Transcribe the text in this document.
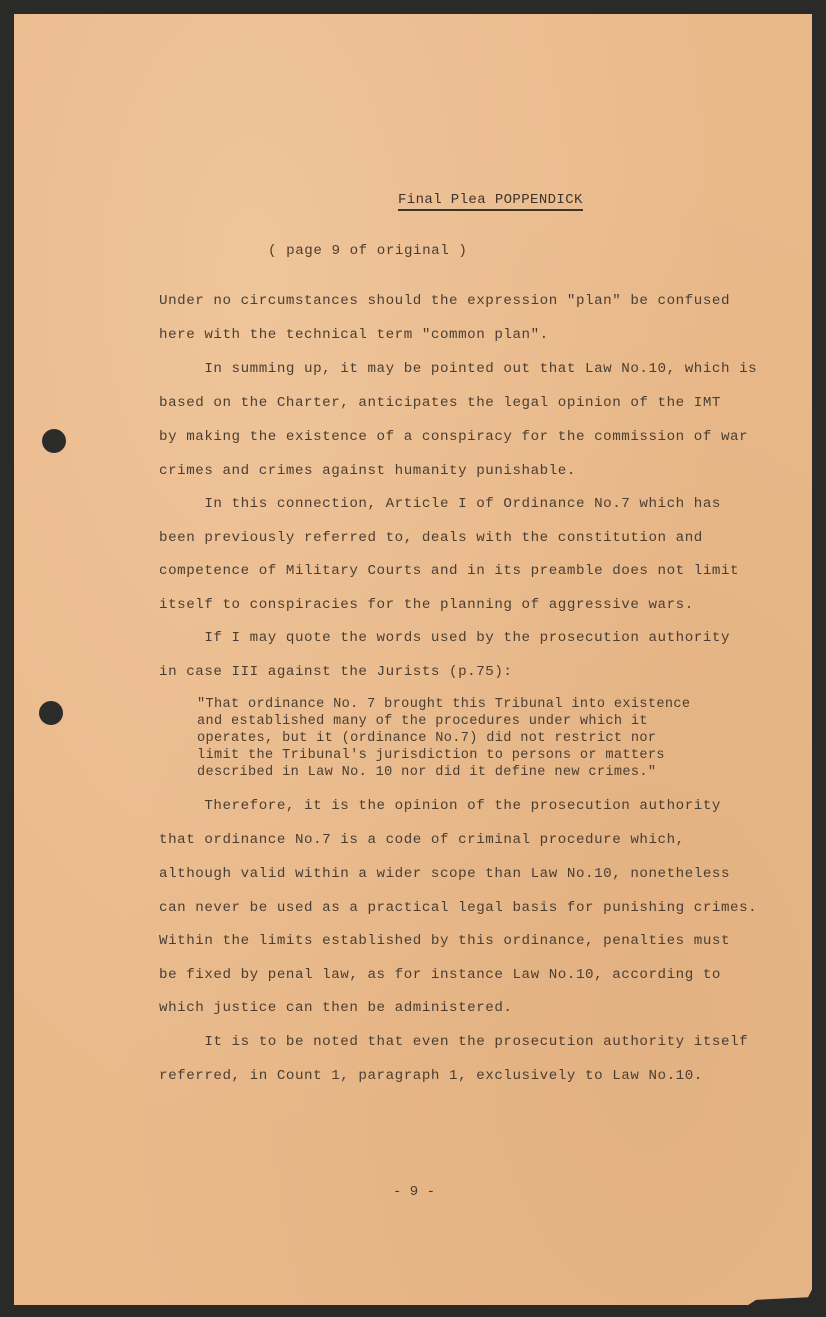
Final Plea POPPENDICK
( page 9 of original )
Under no circumstances should the expression "plan" be confused
here with the technical term "common plan".
In summing up, it may be pointed out that Law No.10, which is
based on the Charter, anticipates the legal opinion of the IMT
by making the existence of a conspiracy for the commission of war
crimes and crimes against humanity punishable.
In this connection, Article I of Ordinance No.7 which has
been previously referred to, deals with the constitution and
competence of Military Courts and in its preamble does not limit
itself to conspiracies for the planning of aggressive wars.
If I may quote the words used by the prosecution authority
in case III against the Jurists (p.75):
"That ordinance No. 7 brought this Tribunal into existence
and established many of the procedures under which it
operates, but it (ordinance No.7) did not restrict nor
limit the Tribunal's jurisdiction to persons or matters
described in Law No. 10 nor did it define new crimes."
Therefore, it is the opinion of the prosecution authority
that ordinance No.7 is a code of criminal procedure which,
although valid within a wider scope than Law No.10, nonetheless
can never be used as a practical legal basis for punishing crimes.
Within the limits established by this ordinance, penalties must
be fixed by penal law, as for instance Law No.10, according to
which justice can then be administered.
It is to be noted that even the prosecution authority itself
referred, in Count 1, paragraph 1, exclusively to Law No.10.
- 9 -
